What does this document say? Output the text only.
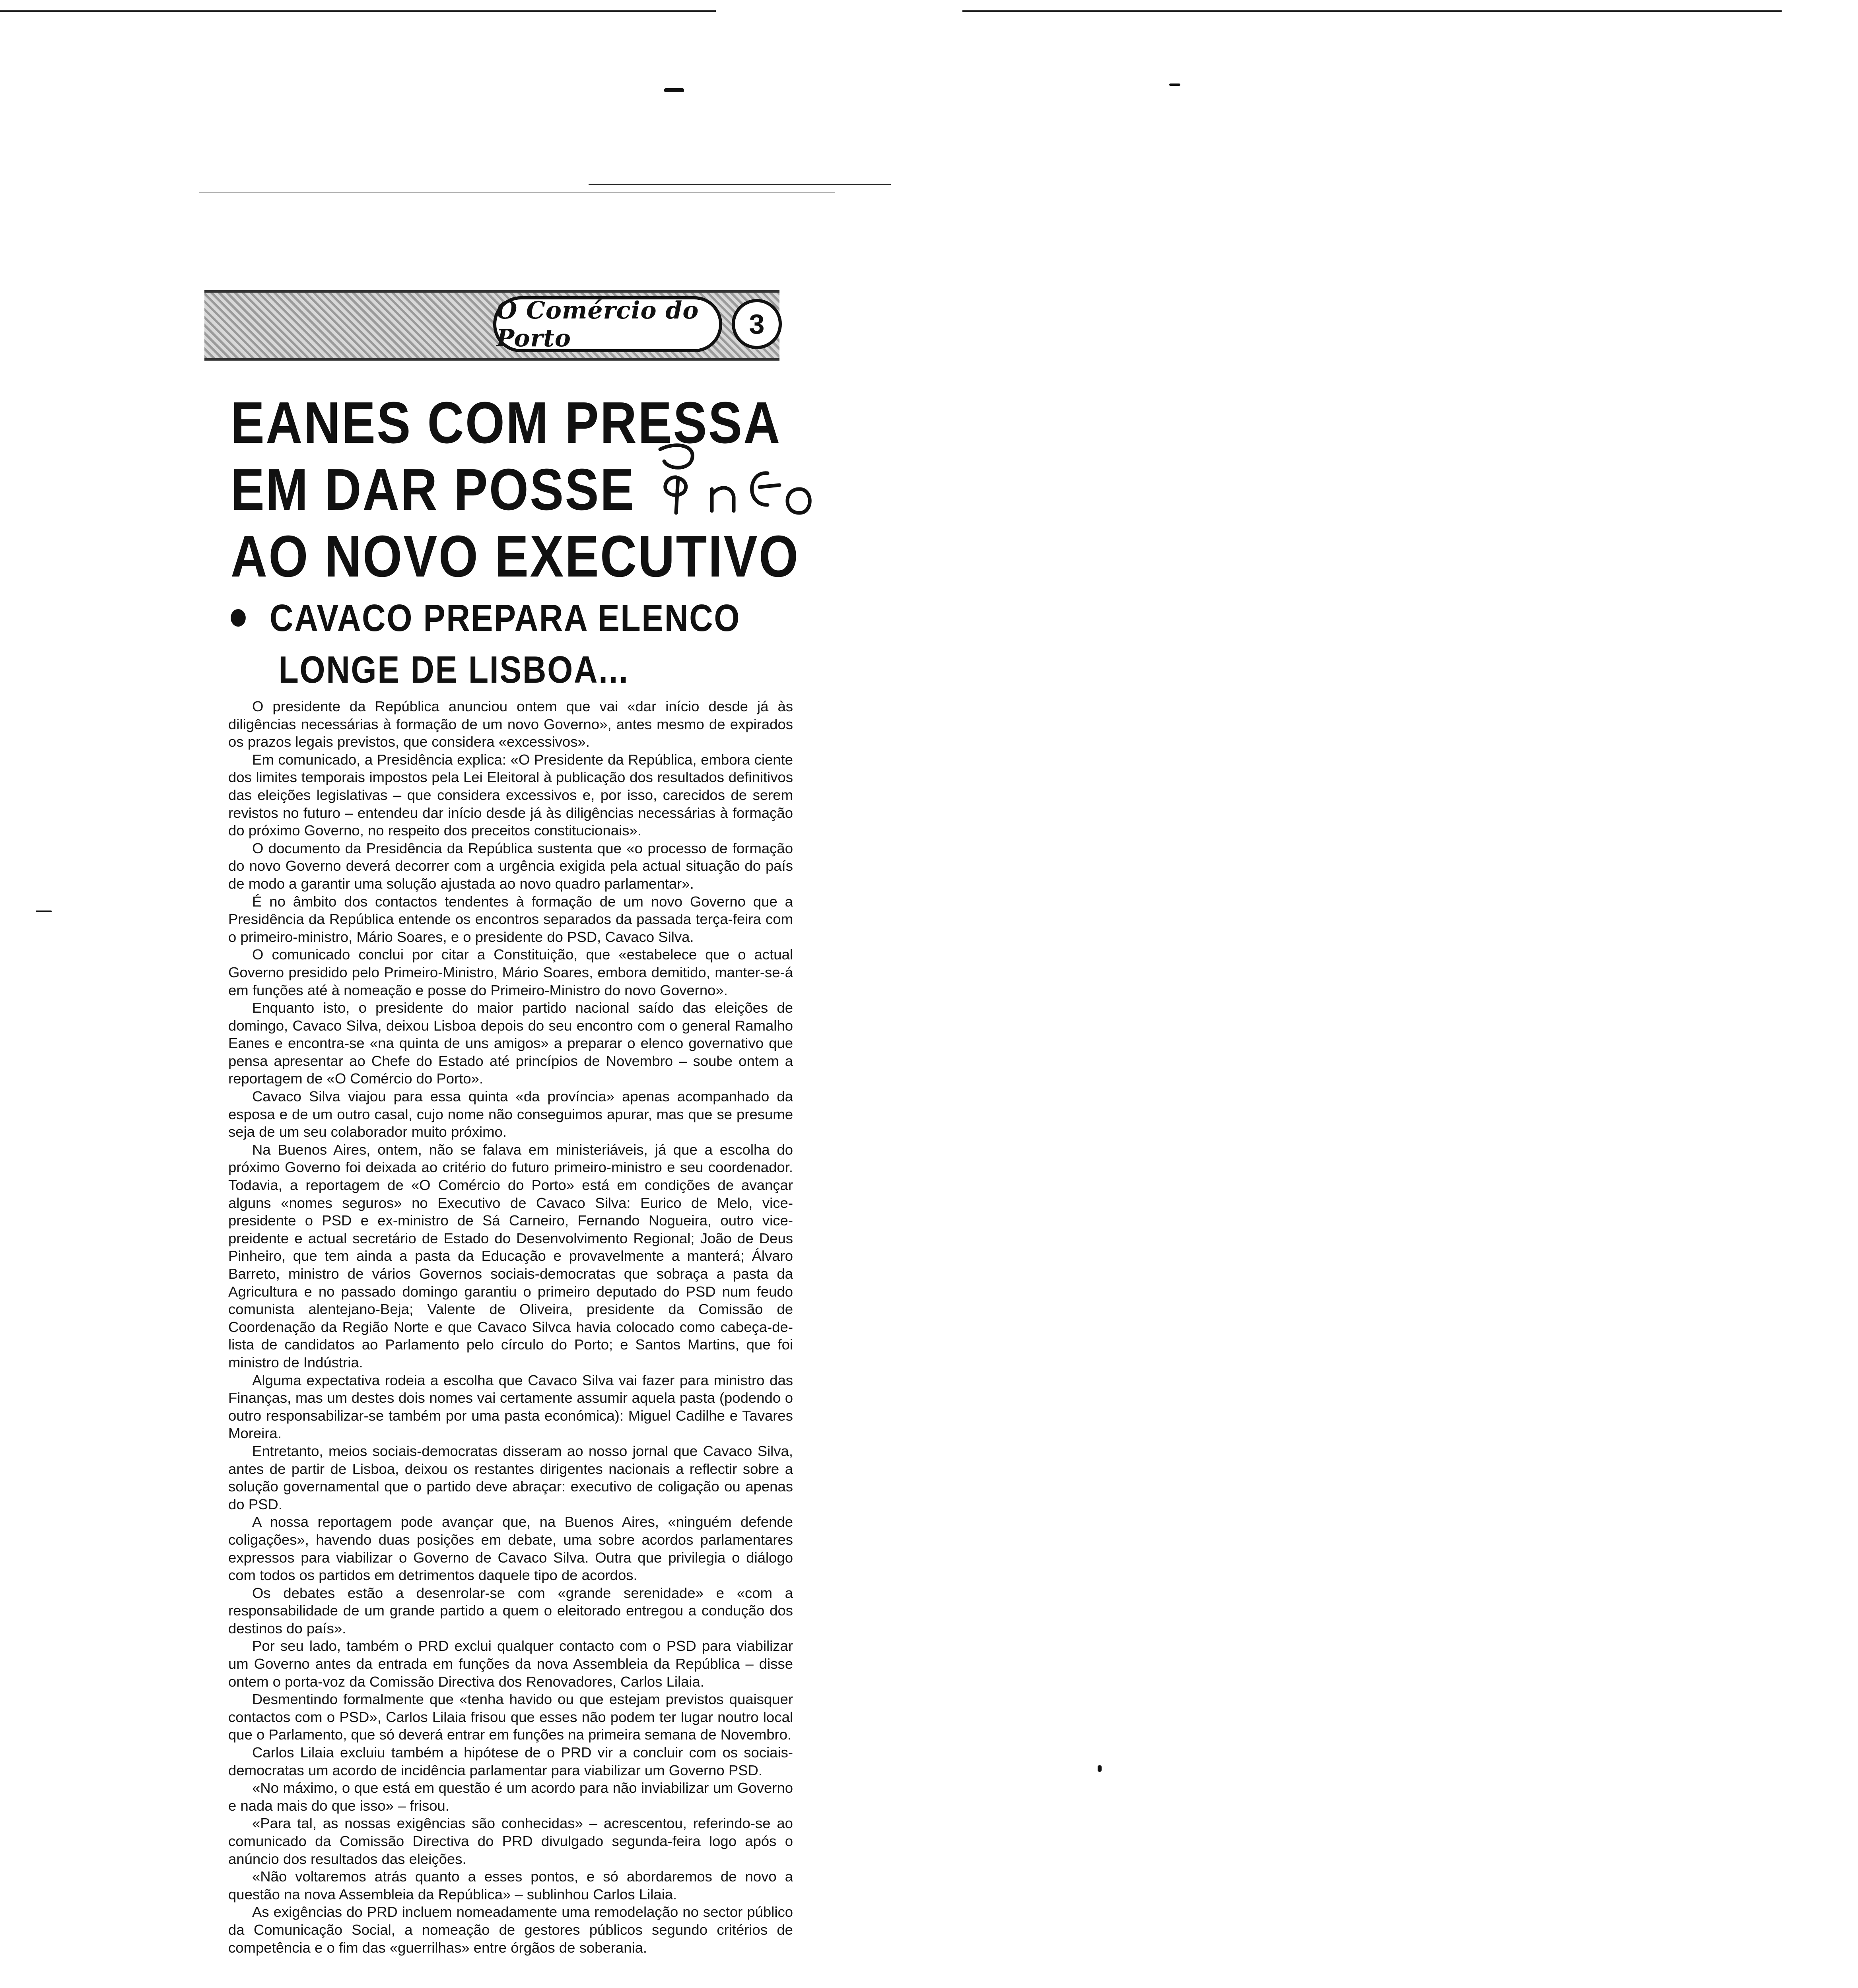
O Comércio do Porto	3
EANES COM PRESSA
EM DAR POSSE
AO NOVO EXECUTIVO
CAVACO PREPARA ELENCO
LONGE DE LISBOA...

O presidente da República anunciou ontem que vai «dar início desde já às diligências necessárias à formação de um novo Governo», antes mesmo de expirados os prazos legais previstos, que considera «excessivos».

Em comunicado, a Presidência explica: «O Presidente da República, embora ciente dos limites temporais impostos pela Lei Eleitoral à publicação dos resultados definitivos das eleições legislativas – que considera excessivos e, por isso, carecidos de serem revistos no futuro – entendeu dar início desde já às diligências necessárias à formação do próximo Governo, no respeito dos preceitos constitucionais».

O documento da Presidência da República sustenta que «o processo de formação do novo Governo deverá decorrer com a urgência exigida pela actual situação do país de modo a garantir uma solução ajustada ao novo quadro parlamentar».

É no âmbito dos contactos tendentes à formação de um novo Governo que a Presidência da República entende os encontros separados da passada terça-feira com o primeiro-ministro, Mário Soares, e o presidente do PSD, Cavaco Silva.

O comunicado conclui por citar a Constituição, que «estabelece que o actual Governo presidido pelo Primeiro-Ministro, Mário Soares, embora demitido, manter-se-á em funções até à nomeação e posse do Primeiro-Ministro do novo Governo».

Enquanto isto, o presidente do maior partido nacional saído das eleições de domingo, Cavaco Silva, deixou Lisboa depois do seu encontro com o general Ramalho Eanes e encontra-se «na quinta de uns amigos» a preparar o elenco governativo que pensa apresentar ao Chefe do Estado até princípios de Novembro – soube ontem a reportagem de «O Comércio do Porto».

Cavaco Silva viajou para essa quinta «da província» apenas acompanhado da esposa e de um outro casal, cujo nome não conseguimos apurar, mas que se presume seja de um seu colaborador muito próximo.

Na Buenos Aires, ontem, não se falava em ministeriáveis, já que a escolha do próximo Governo foi deixada ao critério do futuro primeiro-ministro e seu coordenador. Todavia, a reportagem de «O Comércio do Porto» está em condições de avançar alguns «nomes seguros» no Executivo de Cavaco Silva: Eurico de Melo, vice-presidente o PSD e ex-ministro de Sá Carneiro, Fernando Nogueira, outro vice-preidente e actual secretário de Estado do Desenvolvimento Regional; João de Deus Pinheiro, que tem ainda a pasta da Educação e provavelmente a manterá; Álvaro Barreto, ministro de vários Governos sociais-democratas que sobraça a pasta da Agricultura e no passado domingo garantiu o primeiro deputado do PSD num feudo comunista alentejano-Beja; Valente de Oliveira, presidente da Comissão de Coordenação da Região Norte e que Cavaco Silvca havia colocado como cabeça-de-lista de candidatos ao Parlamento pelo círculo do Porto; e Santos Martins, que foi ministro de Indústria.

Alguma expectativa rodeia a escolha que Cavaco Silva vai fazer para ministro das Finanças, mas um destes dois nomes vai certamente assumir aquela pasta (podendo o outro responsabilizar-se também por uma pasta económica): Miguel Cadilhe e Tavares Moreira.

Entretanto, meios sociais-democratas disseram ao nosso jornal que Cavaco Silva, antes de partir de Lisboa, deixou os restantes dirigentes nacionais a reflectir sobre a solução governamental que o partido deve abraçar: executivo de coligação ou apenas do PSD.

A nossa reportagem pode avançar que, na Buenos Aires, «ninguém defende coligações», havendo duas posições em debate, uma sobre acordos parlamentares expressos para viabilizar o Governo de Cavaco Silva. Outra que privilegia o diálogo com todos os partidos em detrimentos daquele tipo de acordos.

Os debates estão a desenrolar-se com «grande serenidade» e «com a responsabilidade de um grande partido a quem o eleitorado entregou a condução dos destinos do país».

Por seu lado, também o PRD exclui qualquer contacto com o PSD para viabilizar um Governo antes da entrada em funções da nova Assembleia da República – disse ontem o porta-voz da Comissão Directiva dos Renovadores, Carlos Lilaia.

Desmentindo formalmente que «tenha havido ou que estejam previstos quaisquer contactos com o PSD», Carlos Lilaia frisou que esses não podem ter lugar noutro local que o Parlamento, que só deverá entrar em funções na primeira semana de Novembro.

Carlos Lilaia excluiu também a hipótese de o PRD vir a concluir com os sociais-democratas um acordo de incidência parlamentar para viabilizar um Governo PSD.

«No máximo, o que está em questão é um acordo para não inviabilizar um Governo e nada mais do que isso» – frisou.

«Para tal, as nossas exigências são conhecidas» – acrescentou, referindo-se ao comunicado da Comissão Directiva do PRD divulgado segunda-feira logo após o anúncio dos resultados das eleições.

«Não voltaremos atrás quanto a esses pontos, e só abordaremos de novo a questão na nova Assembleia da República» – sublinhou Carlos Lilaia.

As exigências do PRD incluem nomeadamente uma remodelação no sector público da Comunicação Social, a nomeação de gestores públicos segundo critérios de competência e o fim das «guerrilhas» entre órgãos de soberania.
